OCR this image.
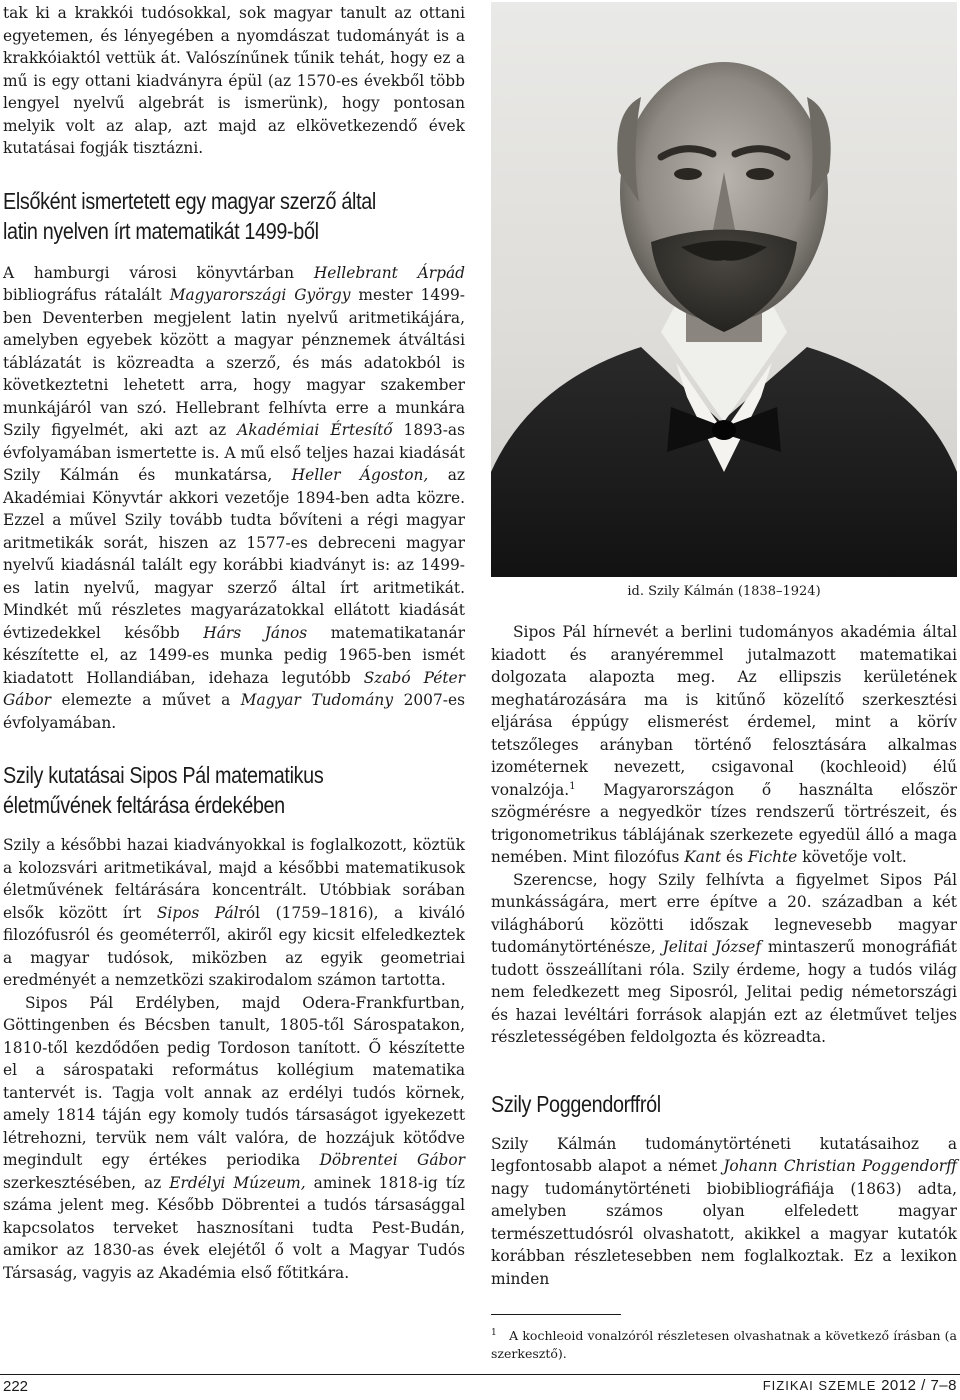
tak ki a krakkói tudósokkal, sok magyar tanult az ottani egyetemen, és lényegében a nyomdászat tudományát is a krakkóiaktól vettük át. Valószínűnek tűnik tehát, hogy ez a mű is egy ottani kiadványra épül (az 1570-es évekből több lengyel nyelvű algebrát is ismerünk), hogy pontosan melyik volt az alap, azt majd az elkövetkezendő évek kutatásai fogják tisztázni.

Elsőként ismertetett egy magyar szerző által latin nyelven írt matematikát 1499-ből

A hamburgi városi könyvtárban Hellebrant Árpád bibliográfus rátalált Magyarországi György mester 1499-ben Deventerben megjelent latin nyelvű aritmetikájára, amelyben egyebek között a magyar pénznemek átváltási táblázatát is közreadta a szerző, és más adatokból is következtetni lehetett arra, hogy magyar szakember munkájáról van szó. Hellebrant felhívta erre a munkára Szily figyelmét, aki azt az Akadémiai Értesítő 1893-as évfolyamában ismertette is. A mű első teljes hazai kiadását Szily Kálmán és munkatársa, Heller Ágoston, az Akadémiai Könyvtár akkori vezetője 1894-ben adta közre. Ezzel a művel Szily tovább tudta bővíteni a régi magyar aritmetikák sorát, hiszen az 1577-es debreceni magyar nyelvű kiadásnál talált egy korábbi kiadványt is: az 1499-es latin nyelvű, magyar szerző által írt aritmetikát. Mindkét mű részletes magyarázatokkal ellátott kiadását évtizedekkel később Hárs János matematikatanár készítette el, az 1499-es munka pedig 1965-ben ismét kiadatott Hollandiában, idehaza legutóbb Szabó Péter Gábor elemezte a művet a Magyar Tudomány 2007-es évfolyamában.

Szily kutatásai Sipos Pál matematikus életművének feltárása érdekében

Szily a későbbi hazai kiadványokkal is foglalkozott, köztük a kolozsvári aritmetikával, majd a későbbi matematikusok életművének feltárására koncentrált. Utóbbiak sorában elsők között írt Sipos Pálról (1759–1816), a kiváló filozófusról és geométerről, akiről egy kicsit elfeledkeztek a magyar tudósok, miközben az egyik geometriai eredményét a nemzetközi szakirodalom számon tartotta.

Sipos Pál Erdélyben, majd Odera-Frankfurtban, Göttingenben és Bécsben tanult, 1805-től Sárospatakon, 1810-től kezdődően pedig Tordoson tanított. Ő készítette el a sárospataki református kollégium matematika tantervét is. Tagja volt annak az erdélyi tudós körnek, amely 1814 táján egy komoly tudós társaságot igyekezett létrehozni, tervük nem vált valóra, de hozzájuk kötődve megindult egy értékes periodika Döbrentei Gábor szerkesztésében, az Erdélyi Múzeum, aminek 1818-ig tíz száma jelent meg. Később Döbrentei a tudós társasággal kapcsolatos terveket hasznosítani tudta Pest-Budán, amikor az 1830-as évek elejétől ő volt a Magyar Tudós Társaság, vagyis az Akadémia első főtitkára.

id. Szily Kálmán (1838–1924)

Sipos Pál hírnevét a berlini tudományos akadémia által kiadott és aranyéremmel jutalmazott matematikai dolgozata alapozta meg. Az ellipszis kerületének meghatározására ma is kitűnő közelítő szerkesztési eljárása éppúgy elismerést érdemel, mint a körív tetszőleges arányban történő felosztására alkalmas izométernek nevezett, csigavonal (kochleoid) élű vonalzója.$^1$ Magyarországon ő használta először szögmérésre a negyedkör tízes rendszerű törtrészeit, és trigonometrikus táblájának szerkezete egyedül álló a maga nemében. Mint filozófus Kant és Fichte követője volt.

Szerencse, hogy Szily felhívta a figyelmet Sipos Pál munkásságára, mert erre építve a 20. században a két világháború közötti időszak legnevesebb magyar tudománytörténésze, Jelitai József mintaszerű monográfiát tudott összeállítani róla. Szily érdeme, hogy a tudós világ nem feledkezett meg Siposról, Jelitai pedig németországi és hazai levéltári források alapján ezt az életművet teljes részletességében feldolgozta és közreadta.

Szily Poggendorffról

Szily Kálmán tudománytörténeti kutatásaihoz a legfontosabb alapot a német Johann Christian Poggendorff nagy tudománytörténeti biobibliográfiája (1863) adta, amelyben számos olyan elfeledett magyar természettudósról olvashatott, akikkel a magyar kutatók korábban részletesebben nem foglalkoztak. Ez a lexikon minden

$^1$ A kochleoid vonalzóról részletesen olvashatnak a következő írásban (a szerkesztő).
222	FIZIKAI SZEMLE 2012 / 7–8
